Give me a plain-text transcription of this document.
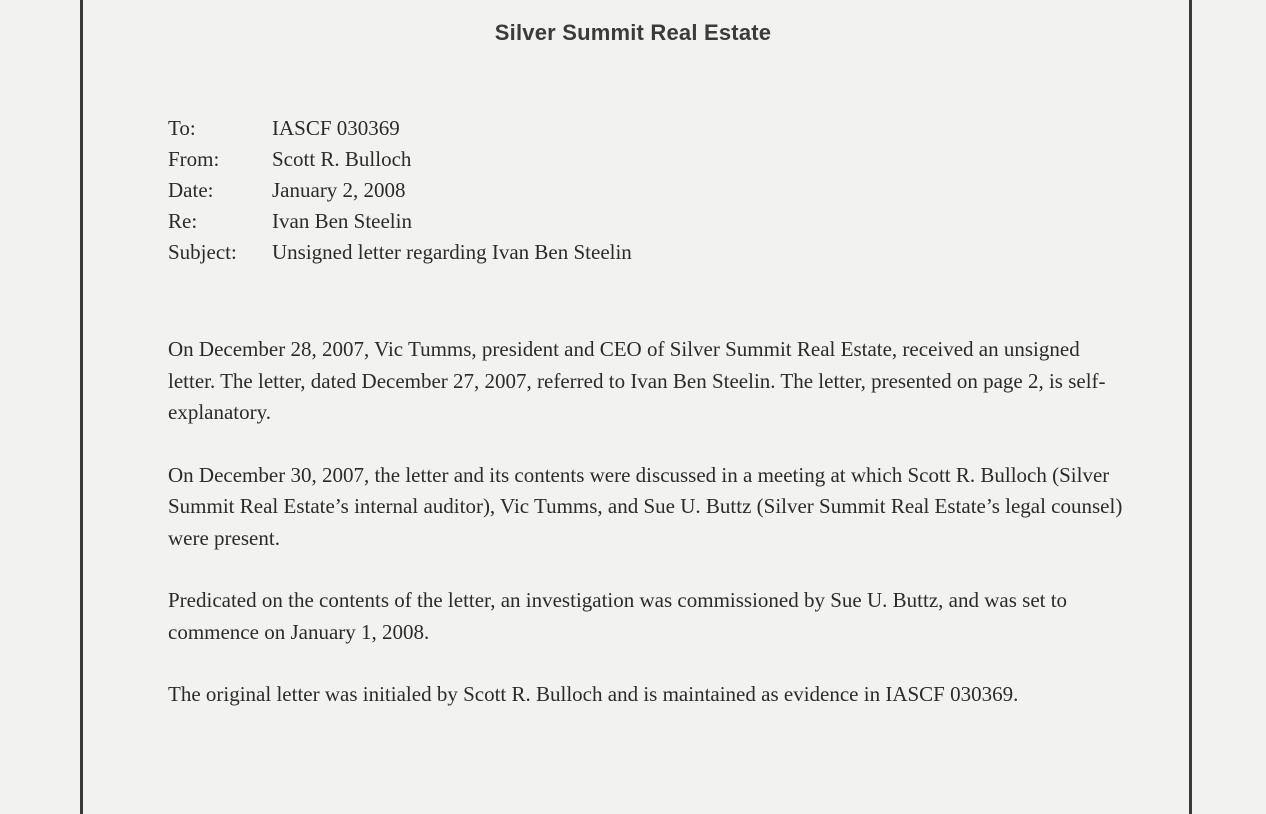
Silver Summit Real Estate
To:	IASCF 030369
From:	Scott R. Bulloch
Date:	January 2, 2008
Re:	Ivan Ben Steelin
Subject:	Unsigned letter regarding Ivan Ben Steelin

On December 28, 2007, Vic Tumms, president and CEO of Silver Summit Real Estate, received an unsigned letter. The letter, dated December 27, 2007, referred to Ivan Ben Steelin. The letter, presented on page 2, is self-explanatory.

On December 30, 2007, the letter and its contents were discussed in a meeting at which Scott R. Bulloch (Silver Summit Real Estate’s internal auditor), Vic Tumms, and Sue U. Buttz (Silver Summit Real Estate’s legal counsel) were present.

Predicated on the contents of the letter, an investigation was commissioned by Sue U. Buttz, and was set to commence on January 1, 2008.

The original letter was initialed by Scott R. Bulloch and is maintained as evidence in IASCF 030369.
